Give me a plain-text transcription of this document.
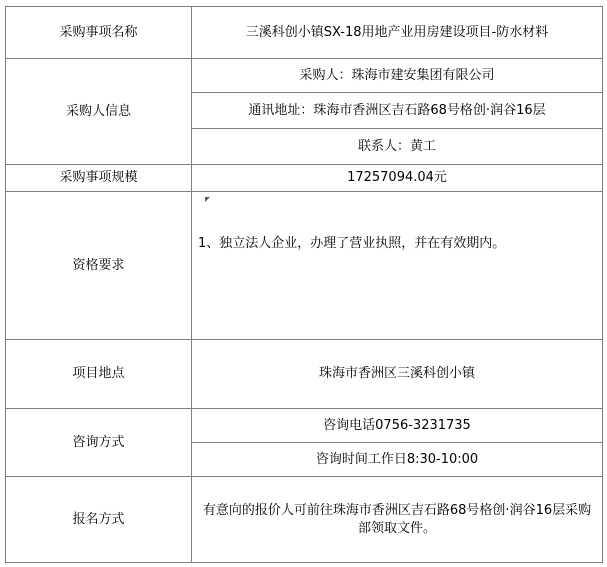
采购事项名称	三溪科创小镇SX-18用地产业用房建设项目-防水材料
采购人信息	采购人：珠海市建安集团有限公司
	通讯地址：珠海市香洲区吉石路68号格创·润谷16层
	联系人：黄工
采购事项规模	17257094.04元
资格要求	1、独立法人企业，办理了营业执照，并在有效期内。
项目地点	珠海市香洲区三溪科创小镇
咨询方式	咨询电话0756-3231735
	咨询时间工作日8:30-10:00
报名方式	有意向的报价人可前往珠海市香洲区吉石路68号格创·润谷16层采购部领取文件。
